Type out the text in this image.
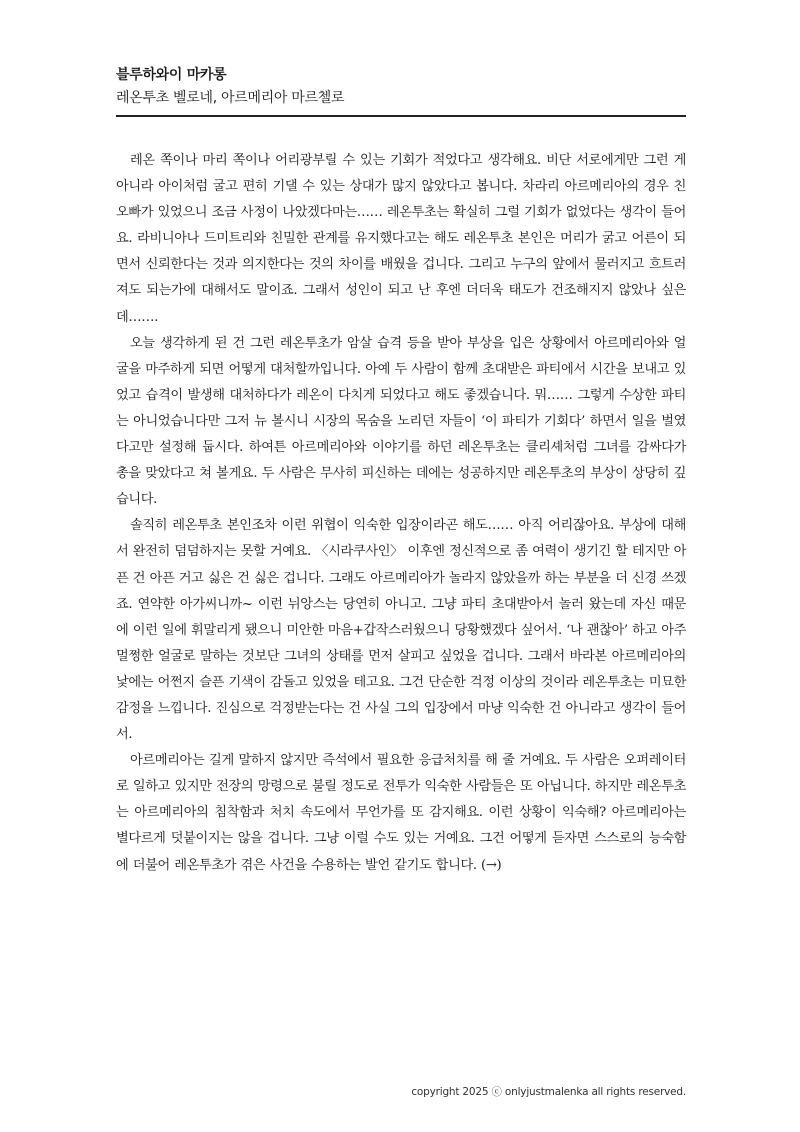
블루하와이 마카롱

레온투초 벨로네, 아르메리아 마르첼로

레온 쪽이나 마리 쪽이나 어리광부릴 수 있는 기회가 적었다고 생각해요. 비단 서로에게만 그런 게 아니라 아이처럼 굴고 편히 기댈 수 있는 상대가 많지 않았다고 봅니다. 차라리 아르메리아의 경우 친오빠가 있었으니 조금 사정이 나았겠다마는…… 레온투초는 확실히 그럴 기회가 없었다는 생각이 들어요. 라비니아나 드미트리와 친밀한 관계를 유지했다고는 해도 레온투초 본인은 머리가 굵고 어른이 되면서 신뢰한다는 것과 의지한다는 것의 차이를 배웠을 겁니다. 그리고 누구의 앞에서 물러지고 흐트러져도 되는가에 대해서도 말이죠. 그래서 성인이 되고 난 후엔 더더욱 태도가 건조해지지 않았나 싶은데…….

오늘 생각하게 된 건 그런 레온투초가 암살 습격 등을 받아 부상을 입은 상황에서 아르메리아와 얼굴을 마주하게 되면 어떻게 대처할까입니다. 아예 두 사람이 함께 초대받은 파티에서 시간을 보내고 있었고 습격이 발생해 대처하다가 레온이 다치게 되었다고 해도 좋겠습니다. 뭐…… 그렇게 수상한 파티는 아니었습니다만 그저 뉴 볼시니 시장의 목숨을 노리던 자들이 ‘이 파티가 기회다’ 하면서 일을 벌였다고만 설정해 둡시다. 하여튼 아르메리아와 이야기를 하던 레온투초는 클리셰처럼 그녀를 감싸다가 총을 맞았다고 쳐 볼게요. 두 사람은 무사히 피신하는 데에는 성공하지만 레온투초의 부상이 상당히 깊습니다.

솔직히 레온투초 본인조차 이런 위협이 익숙한 입장이라곤 해도…… 아직 어리잖아요. 부상에 대해서 완전히 덤덤하지는 못할 거예요. 〈시라쿠사인〉 이후엔 정신적으로 좀 여력이 생기긴 할 테지만 아픈 건 아픈 거고 싫은 건 싫은 겁니다. 그래도 아르메리아가 놀라지 않았을까 하는 부분을 더 신경 쓰겠죠. 연약한 아가씨니까~ 이런 뉘앙스는 당연히 아니고. 그냥 파티 초대받아서 놀러 왔는데 자신 때문에 이런 일에 휘말리게 됐으니 미안한 마음+갑작스러웠으니 당황했겠다 싶어서. ‘나 괜찮아’ 하고 아주 멀쩡한 얼굴로 말하는 것보단 그녀의 상태를 먼저 살피고 싶었을 겁니다. 그래서 바라본 아르메리아의 낯에는 어쩐지 슬픈 기색이 감돌고 있었을 테고요. 그건 단순한 걱정 이상의 것이라 레온투초는 미묘한 감정을 느낍니다. 진심으로 걱정받는다는 건 사실 그의 입장에서 마냥 익숙한 건 아니라고 생각이 들어서.

아르메리아는 길게 말하지 않지만 즉석에서 필요한 응급처치를 해 줄 거예요. 두 사람은 오퍼레이터로 일하고 있지만 전장의 망령으로 불릴 정도로 전투가 익숙한 사람들은 또 아닙니다. 하지만 레온투초는 아르메리아의 침착함과 처치 속도에서 무언가를 또 감지해요. 이런 상황이 익숙해? 아르메리아는 별다르게 덧붙이지는 않을 겁니다. 그냥 이럴 수도 있는 거예요. 그건 어떻게 듣자면 스스로의 능숙함에 더불어 레온투초가 겪은 사건을 수용하는 발언 같기도 합니다. (→)

copyright 2025 ⓒ onlyjustmalenka all rights reserved.
